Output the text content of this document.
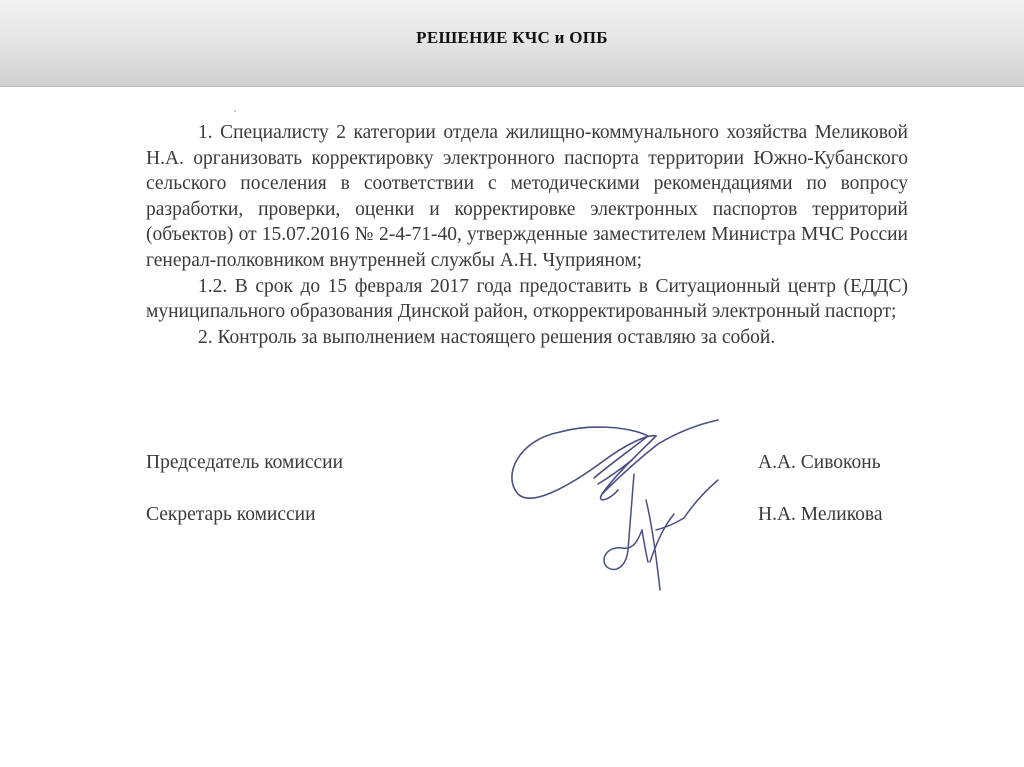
РЕШЕНИЕ КЧС и ОПБ

1. Специалисту 2 категории отдела жилищно-коммунального хозяйства Меликовой Н.А. организовать корректировку электронного паспорта территории Южно-Кубанского сельского поселения в соответствии с методическими рекомендациями по вопросу разработки, проверки, оценки и корректировке электронных паспортов территорий (объектов) от 15.07.2016 № 2-4-71-40, утвержденные заместителем Министра МЧС России генерал-полковником внутренней службы А.Н. Чуприяном;

1.2. В срок до 15 февраля 2017 года предоставить в Ситуационный центр (ЕДДС) муниципального образования Динской район, откорректированный электронный паспорт;

2. Контроль за выполнением настоящего решения оставляю за собой.

Председатель комиссии	А.А. Сивоконь
Секретарь комиссии	Н.А. Меликова
